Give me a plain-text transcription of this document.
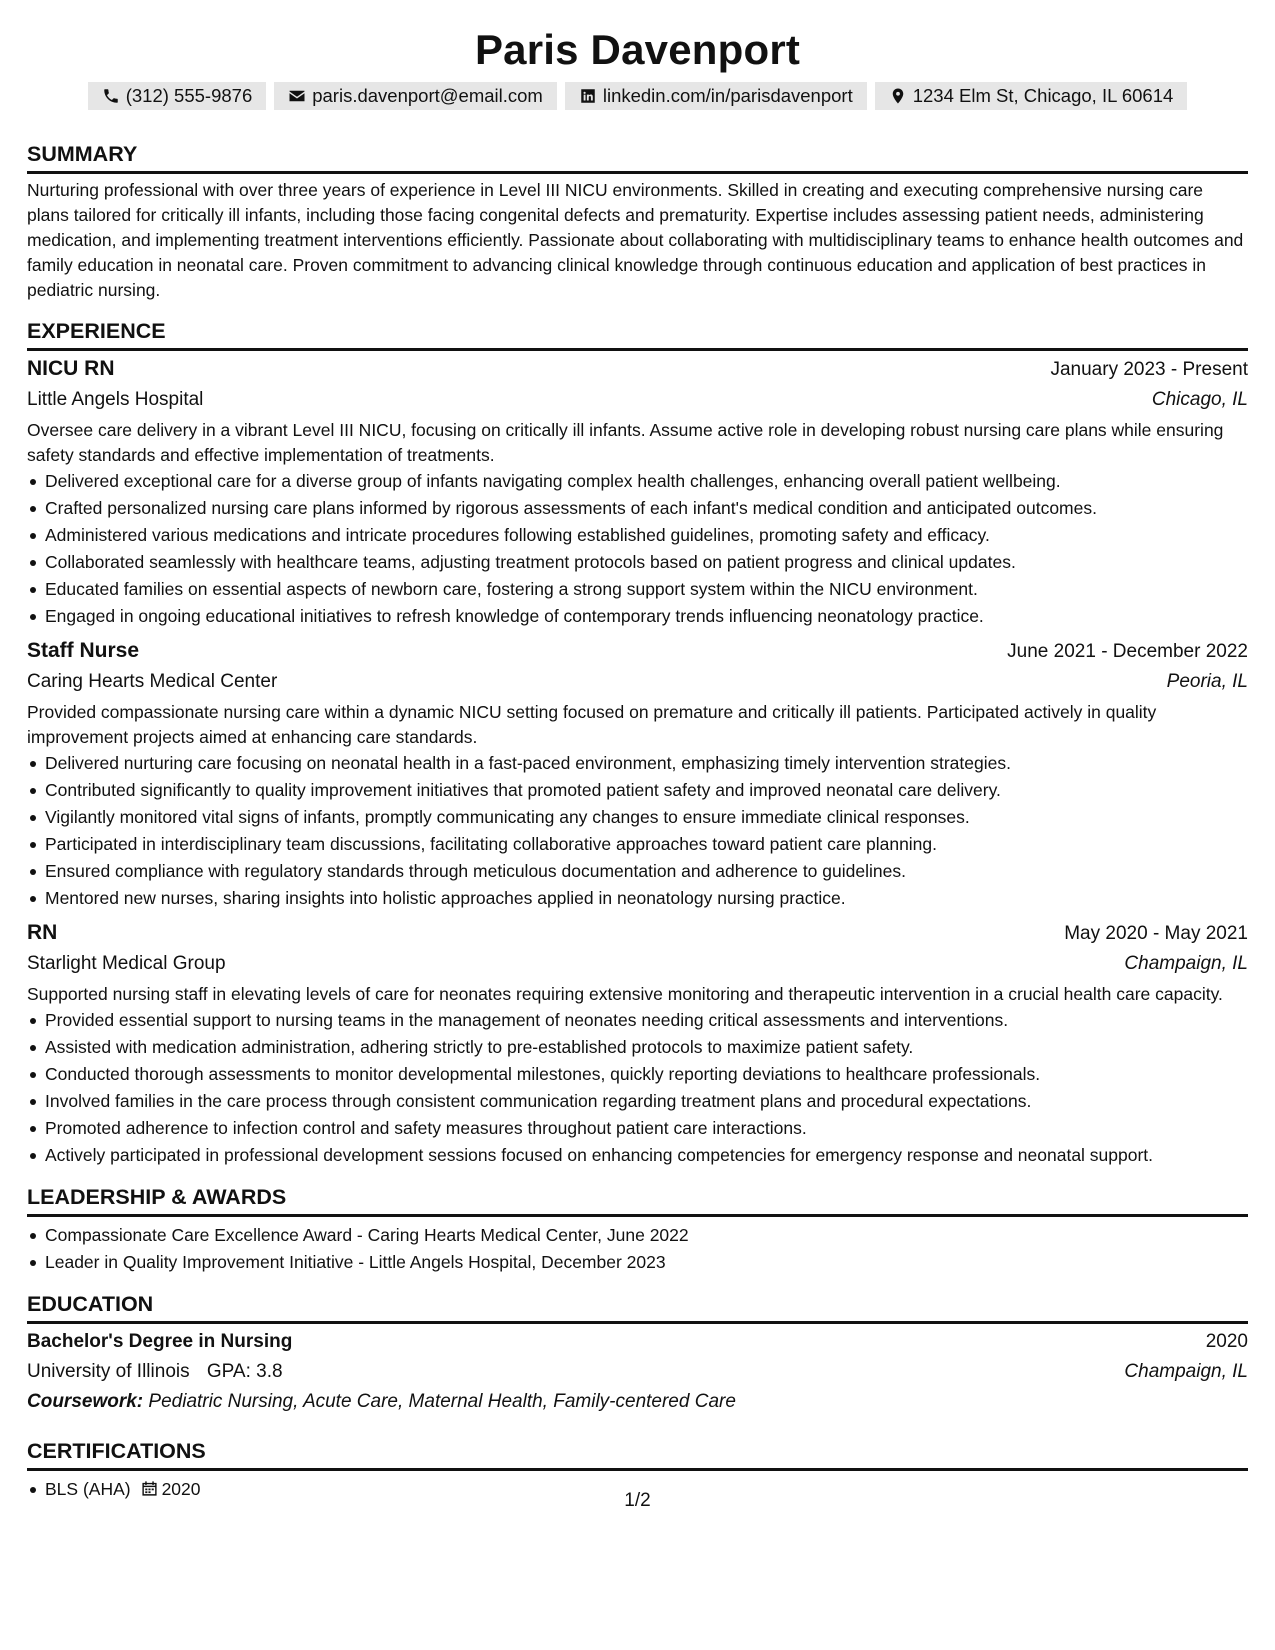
Paris Davenport
(312) 555-9876	paris.davenport@email.com	linkedin.com/in/parisdavenport	1234 Elm St, Chicago, IL 60614
SUMMARY

Nurturing professional with over three years of experience in Level III NICU environments. Skilled in creating and executing comprehensive nursing care plans tailored for critically ill infants, including those facing congenital defects and prematurity. Expertise includes assessing patient needs, administering medication, and implementing treatment interventions efficiently. Passionate about collaborating with multidisciplinary teams to enhance health outcomes and family education in neonatal care. Proven commitment to advancing clinical knowledge through continuous education and application of best practices in pediatric nursing.

EXPERIENCE
NICU RN	January 2023 - Present
Little Angels Hospital	Chicago, IL

Oversee care delivery in a vibrant Level III NICU, focusing on critically ill infants. Assume active role in developing robust nursing care plans while ensuring safety standards and effective implementation of treatments.

Delivered exceptional care for a diverse group of infants navigating complex health challenges, enhancing overall patient wellbeing.
Crafted personalized nursing care plans informed by rigorous assessments of each infant's medical condition and anticipated outcomes.
Administered various medications and intricate procedures following established guidelines, promoting safety and efficacy.
Collaborated seamlessly with healthcare teams, adjusting treatment protocols based on patient progress and clinical updates.
Educated families on essential aspects of newborn care, fostering a strong support system within the NICU environment.
Engaged in ongoing educational initiatives to refresh knowledge of contemporary trends influencing neonatology practice.
Staff Nurse	June 2021 - December 2022
Caring Hearts Medical Center	Peoria, IL

Provided compassionate nursing care within a dynamic NICU setting focused on premature and critically ill patients. Participated actively in quality improvement projects aimed at enhancing care standards.

Delivered nurturing care focusing on neonatal health in a fast-paced environment, emphasizing timely intervention strategies.
Contributed significantly to quality improvement initiatives that promoted patient safety and improved neonatal care delivery.
Vigilantly monitored vital signs of infants, promptly communicating any changes to ensure immediate clinical responses.
Participated in interdisciplinary team discussions, facilitating collaborative approaches toward patient care planning.
Ensured compliance with regulatory standards through meticulous documentation and adherence to guidelines.
Mentored new nurses, sharing insights into holistic approaches applied in neonatology nursing practice.
RN	May 2020 - May 2021
Starlight Medical Group	Champaign, IL

Supported nursing staff in elevating levels of care for neonates requiring extensive monitoring and therapeutic intervention in a crucial health care capacity.

Provided essential support to nursing teams in the management of neonates needing critical assessments and interventions.
Assisted with medication administration, adhering strictly to pre-established protocols to maximize patient safety.
Conducted thorough assessments to monitor developmental milestones, quickly reporting deviations to healthcare professionals.
Involved families in the care process through consistent communication regarding treatment plans and procedural expectations.
Promoted adherence to infection control and safety measures throughout patient care interactions.
Actively participated in professional development sessions focused on enhancing competencies for emergency response and neonatal support.
LEADERSHIP & AWARDS
Compassionate Care Excellence Award - Caring Hearts Medical Center, June 2022
Leader in Quality Improvement Initiative - Little Angels Hospital, December 2023
EDUCATION
Bachelor's Degree in Nursing	2020
University of Illinois GPA: 3.8	Champaign, IL
Coursework: Pediatric Nursing, Acute Care, Maternal Health, Family-centered Care
CERTIFICATIONS
BLS (AHA) 2020
1/2
